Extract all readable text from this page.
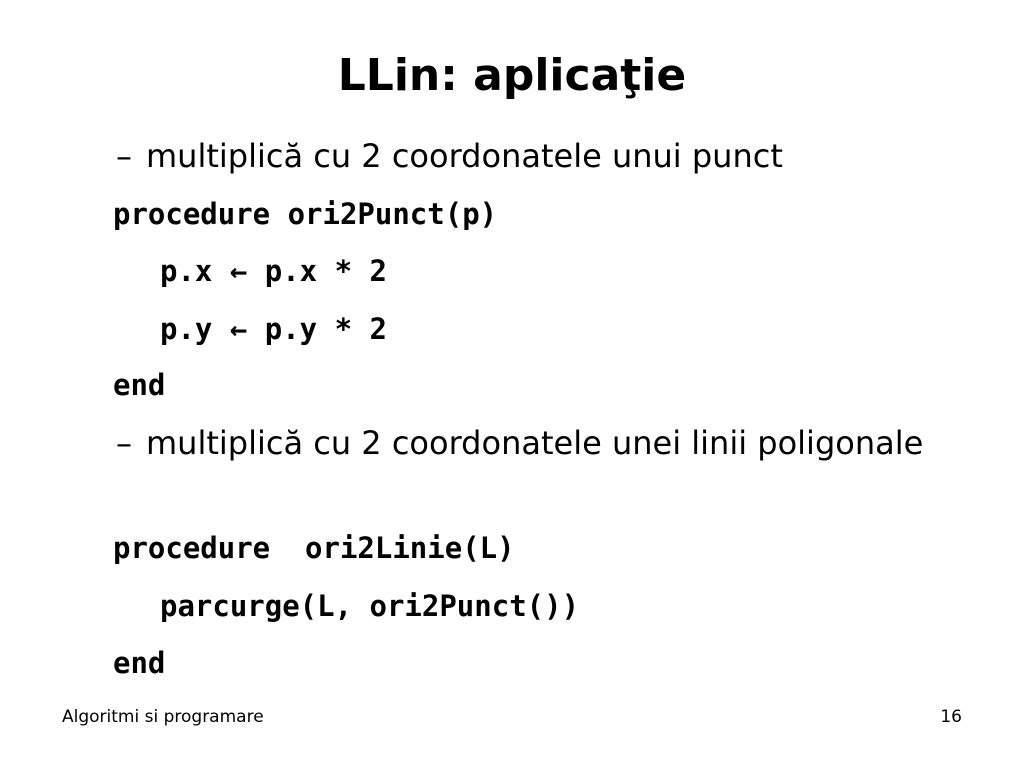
LLin: aplicaţie
– multiplică cu 2 coordonatele unui punct
procedure ori2Punct(p)
p.x ← p.x * 2
p.y ← p.y * 2
end
– multiplică cu 2 coordonatele unei linii poligonale
procedure  ori2Linie(L)
parcurge(L, ori2Punct())
end
Algoritmi si programare	16
